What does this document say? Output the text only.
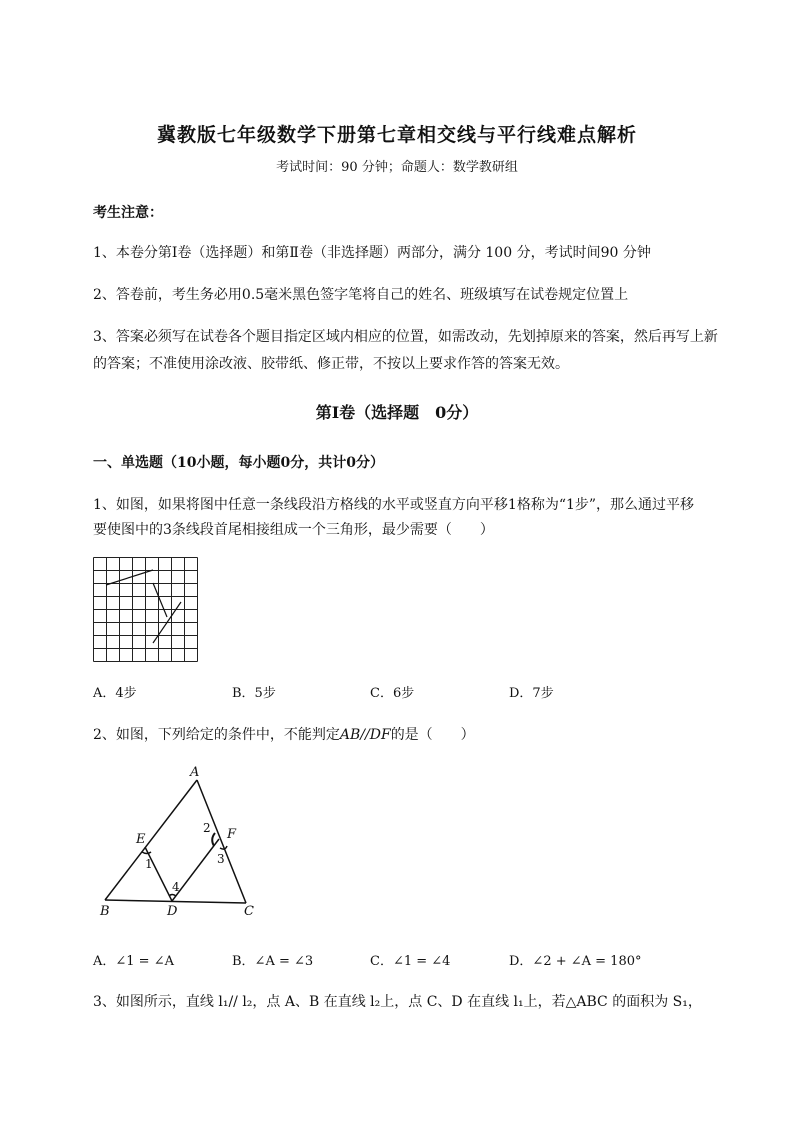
冀教版七年级数学下册第七章相交线与平行线难点解析
考试时间：90 分钟；命题人：数学教研组
考生注意：
1、本卷分第Ⅰ卷（选择题）和第Ⅱ卷（非选择题）两部分，满分 100 分，考试时间90 分钟
2、答卷前，考生务必用0.5毫米黑色签字笔将自己的姓名、班级填写在试卷规定位置上
3、答案必须写在试卷各个题目指定区域内相应的位置，如需改动，先划掉原来的答案，然后再写上新
的答案；不准使用涂改液、胶带纸、修正带，不按以上要求作答的答案无效。
第Ⅰ卷（选择题　0分）
一、单选题（10小题，每小题0分，共计0分）
1、如图，如果将图中任意一条线段沿方格线的水平或竖直方向平移1格称为“1步”，那么通过平移
要使图中的3条线段首尾相接组成一个三角形，最少需要（　　）
A．4步	B．5步	C．6步	D．7步
2、如图，下列给定的条件中，不能判定AB//DF的是（　　）
A
E	F
B	D	C
1
2
3
4
A．∠1 = ∠A	B．∠A = ∠3	C．∠1 = ∠4	D．∠2 + ∠A = 180°
3、如图所示，直线 l₁// l₂，点 A、B 在直线 l₂上，点 C、D 在直线 l₁上，若△ABC 的面积为 S₁，
